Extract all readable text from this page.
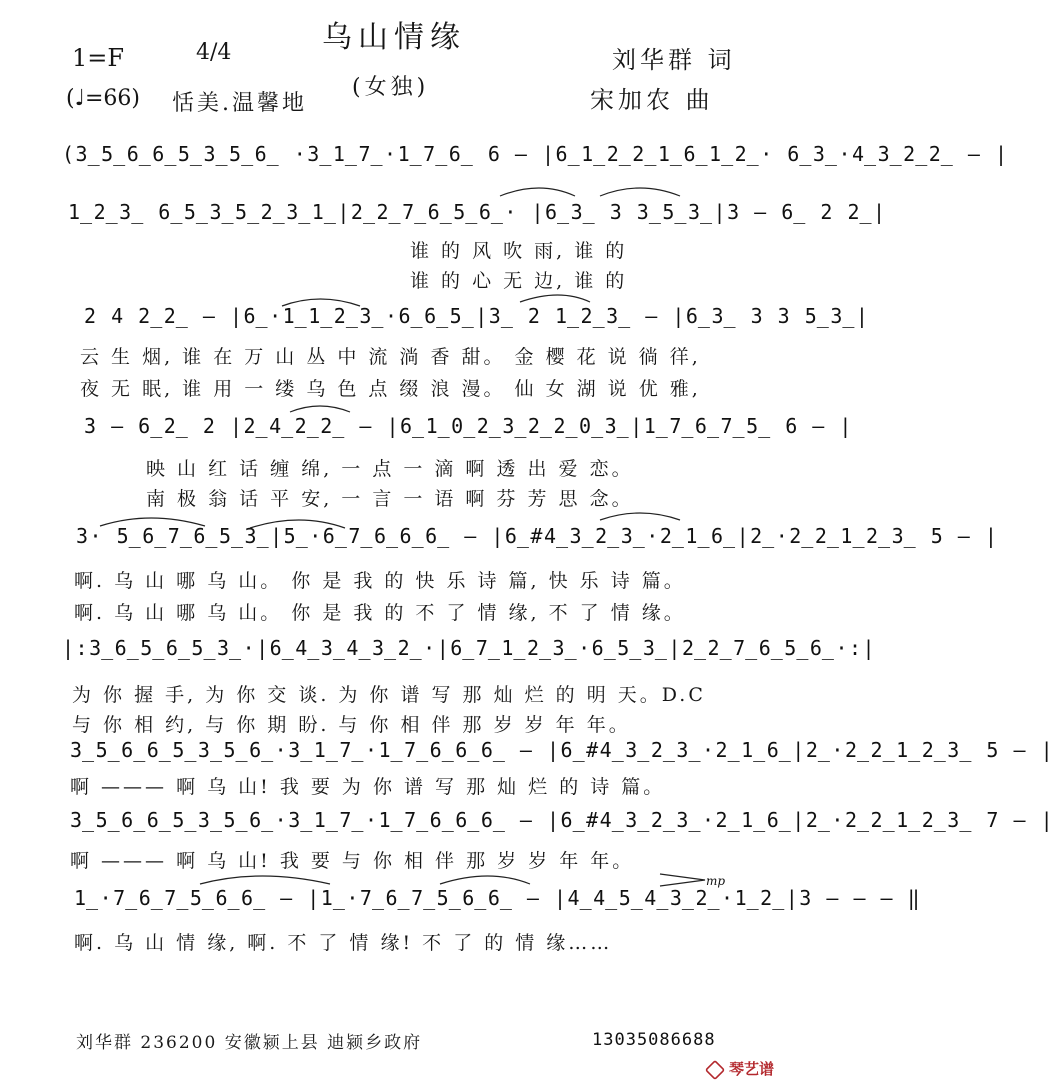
乌山情缘
1=F	4/4
(♩=66) 恬美.温馨地
(女独)
刘华群 词
宋加农 曲
(3̲5̲6̲6̲5̲3̲5̲6̲ ·3̲1̲7̲·1̲7̲6̲ 6 — |6̲1̲2̲2̲1̲6̲1̲2̲· 6̲3̲·4̲3̲2̲2̲ — |
1̲2̲3̲ 6̲5̲3̲5̲2̲3̲1̲|2̲2̲7̲6̲5̲6̲· |6̲3̲ 3 3̲5̲3̲|3 — 6̲ 2 2̲|
谁 的 风 吹 雨, 谁 的
谁 的 心 无 边, 谁 的
2 4 2̲2̲ — |6̲·1̲1̲2̲3̲·6̲6̲5̲|3̲ 2 1̲2̲3̲ — |6̲3̲ 3 3 5̲3̲|
云 生 烟, 谁 在 万 山 丛 中 流 淌 香 甜。 金 樱 花 说 徜 徉,
夜 无 眠, 谁 用 一 缕 乌 色 点 缀 浪 漫。 仙 女 湖 说 优 雅,
3 — 6̲2̲ 2 |2̲4̲2̲2̲ — |6̲1̲0̲2̲3̲2̲2̲0̲3̲|1̲7̲6̲7̲5̲ 6 — |
映 山 红 话 缠 绵, 一 点 一 滴 啊 透 出 爱 恋。
南 极 翁 话 平 安, 一 言 一 语 啊 芬 芳 思 念。
3· 5̲6̲7̲6̲5̲3̲|5̲·6̲7̲6̲6̲6̲ — |6̲#4̲3̲2̲3̲·2̲1̲6̲|2̲·2̲2̲1̲2̲3̲ 5 — |
啊. 乌 山 哪 乌 山。 你 是 我 的 快 乐 诗 篇, 快 乐 诗 篇。
啊. 乌 山 哪 乌 山。 你 是 我 的 不 了 情 缘, 不 了 情 缘。
|:3̲6̲5̲6̲5̲3̲·|6̲4̲3̲4̲3̲2̲·|6̲7̲1̲2̲3̲·6̲5̲3̲|2̲2̲7̲6̲5̲6̲·:|
为 你 握 手, 为 你 交 谈. 为 你 谱 写 那 灿 烂 的 明 天。D.C
与 你 相 约, 与 你 期 盼. 与 你 相 伴 那 岁 岁 年 年。
3̲5̲6̲6̲5̲3̲5̲6̲·3̲1̲7̲·1̲7̲6̲6̲6̲ — |6̲#4̲3̲2̲3̲·2̲1̲6̲|2̲·2̲2̲1̲2̲3̲ 5 — |
啊 ——— 啊 乌 山! 我 要 为 你 谱 写 那 灿 烂 的 诗 篇。
3̲5̲6̲6̲5̲3̲5̲6̲·3̲1̲7̲·1̲7̲6̲6̲6̲ — |6̲#4̲3̲2̲3̲·2̲1̲6̲|2̲·2̲2̲1̲2̲3̲ 7 — |
啊 ——— 啊 乌 山! 我 要 与 你 相 伴 那 岁 岁 年 年。
1̲·7̲6̲7̲5̲6̲6̲ — |1̲·7̲6̲7̲5̲6̲6̲ — |4̲4̲5̲4̲3̲2̲·1̲2̲|3 — — — ‖
啊. 乌 山 情 缘, 啊. 不 了 情 缘! 不 了 的 情 缘……
mp
刘华群 236200 安徽颍上县 迪颍乡政府	13035086688
琴艺谱
